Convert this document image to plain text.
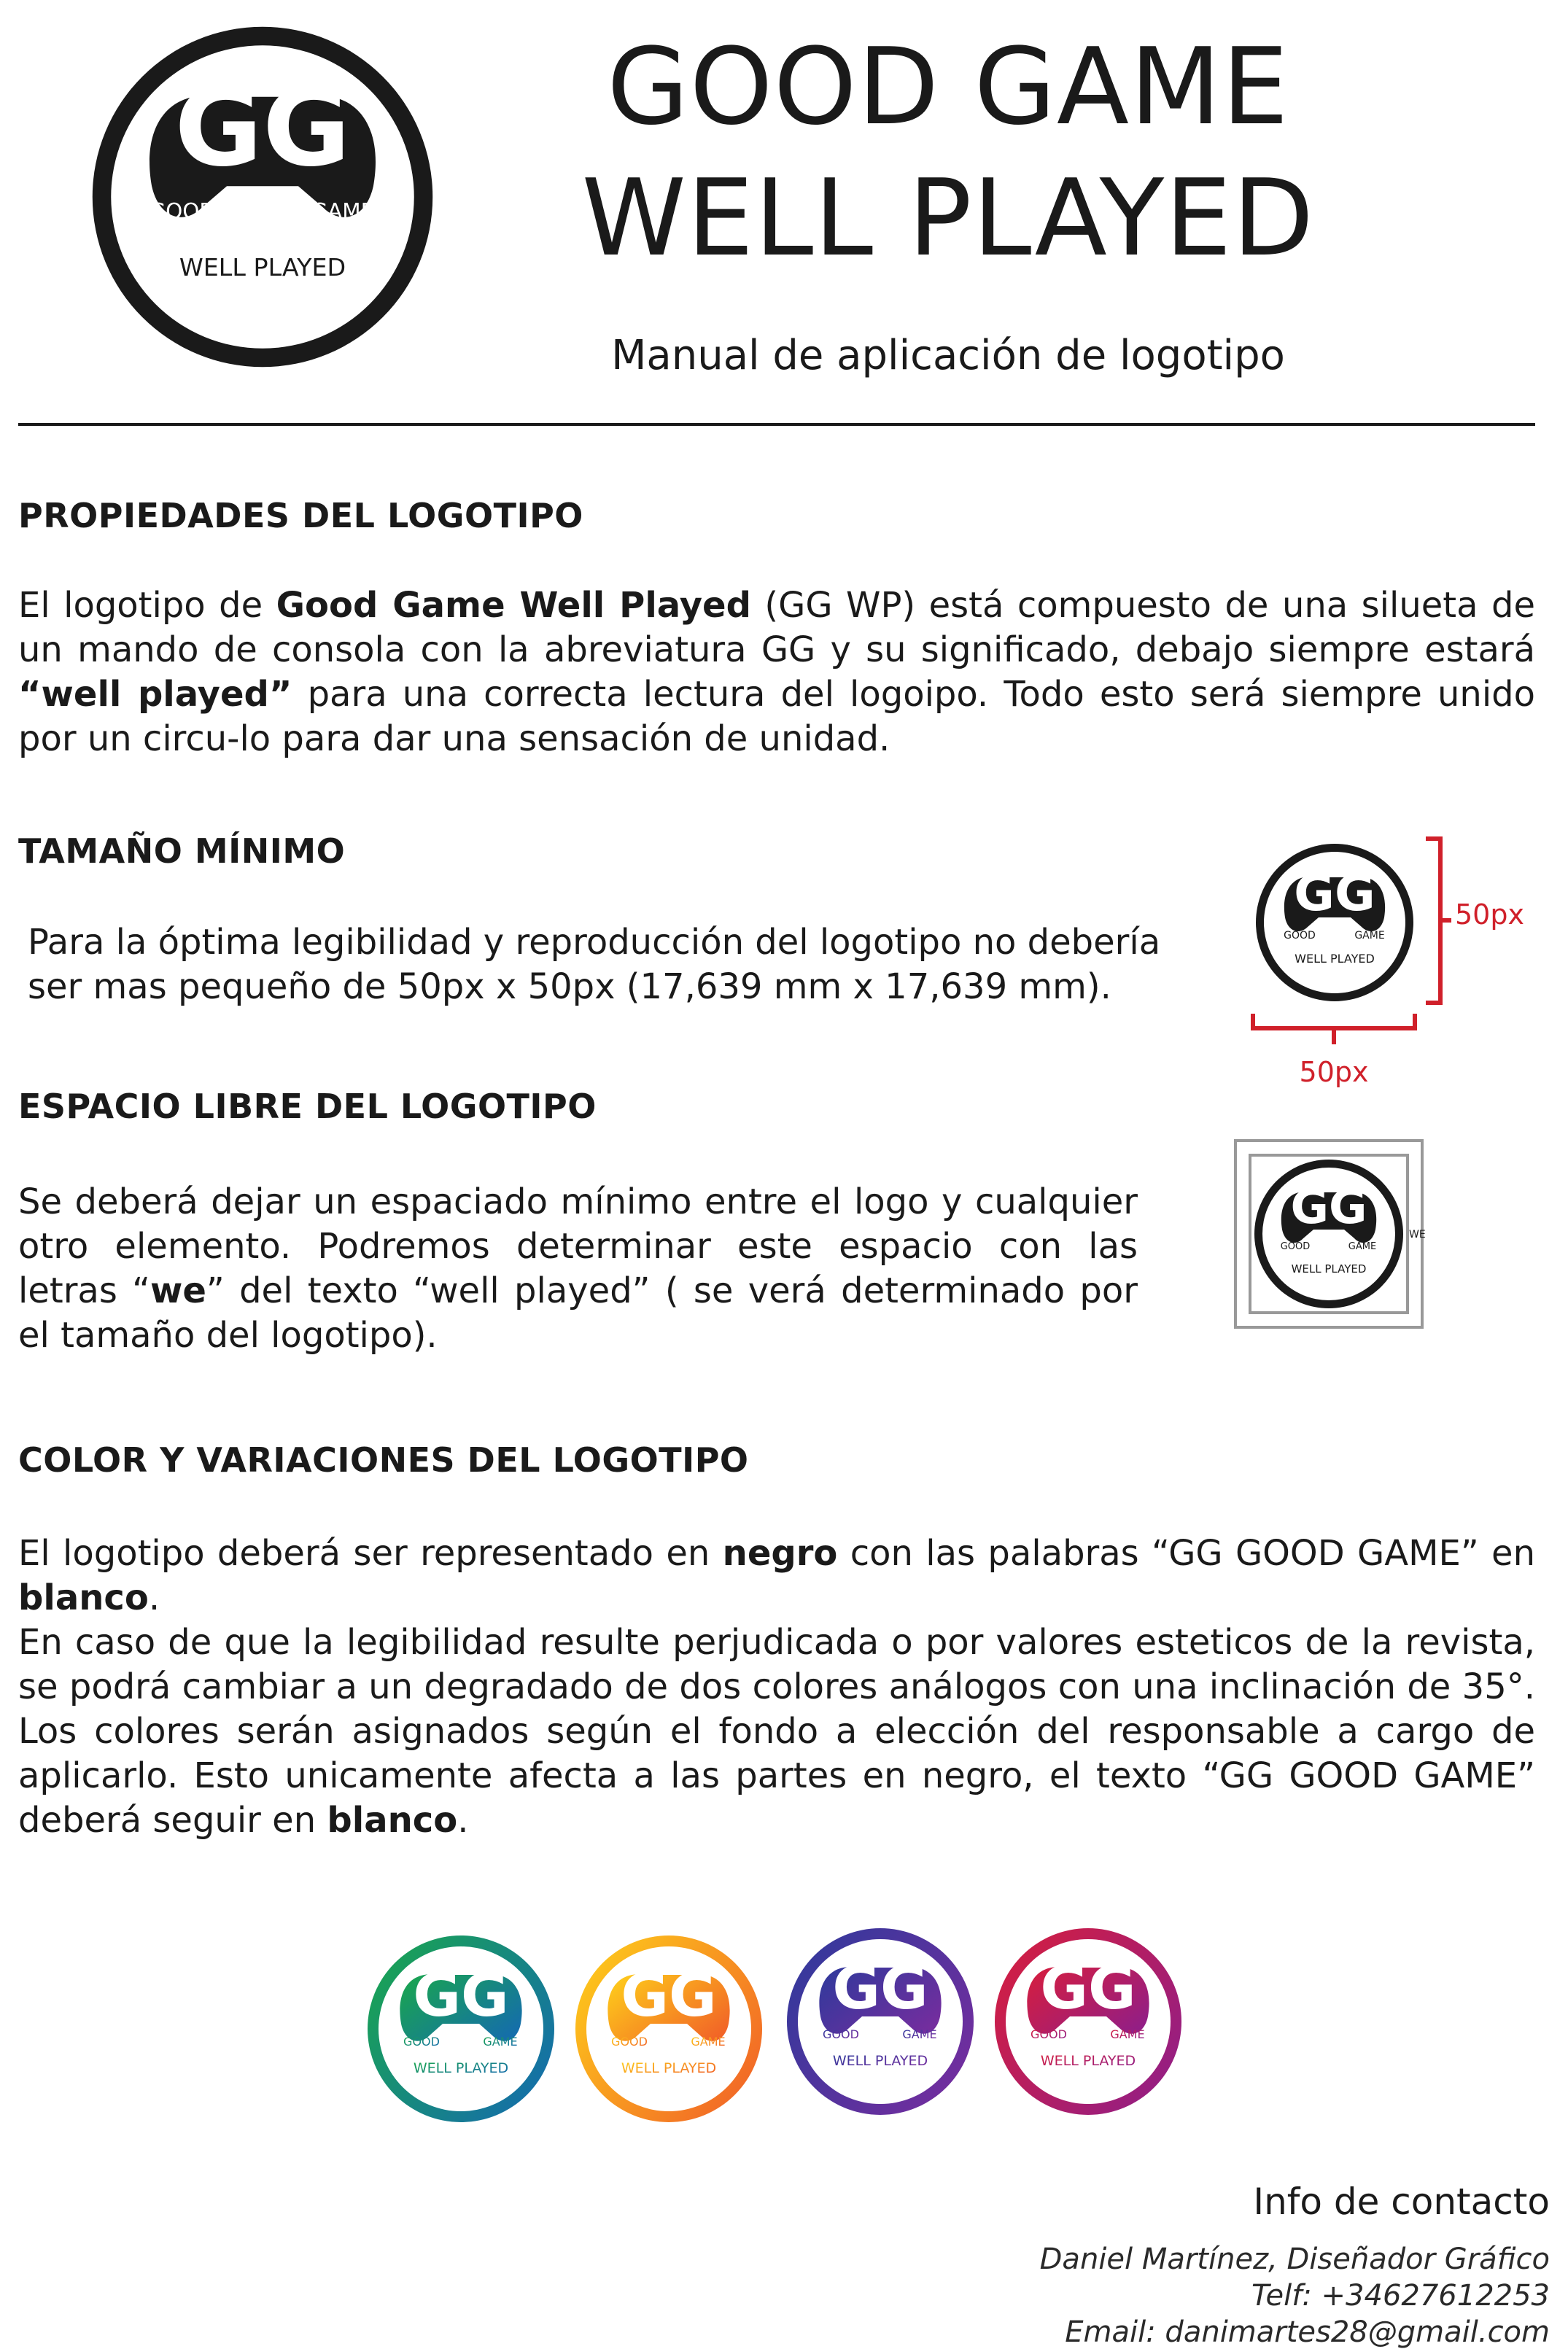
GG
GOOD	GAME
WELL PLAYED
GOOD GAME
WELL PLAYED
Manual de aplicación de logotipo
PROPIEDADES DEL LOGOTIPO
El logotipo de Good Game Well Played (GG WP) está compuesto de una silueta de un mando de consola con la abreviatura GG y su significado, debajo siempre estará “well played” para una correcta lectura del logoipo. Todo esto será siempre unido por un circu-lo para dar una sensación de unidad.
TAMAÑO MÍNIMO
Para la óptima legibilidad y reproducción del logotipo no debería ser mas pequeño de 50px x 50px (17,639 mm x 17,639 mm).
GG
GOOD	GAME
WELL PLAYED
50px
50px
ESPACIO LIBRE DEL LOGOTIPO
Se deberá dejar un espaciado mínimo entre el logo y cualquier otro elemento. Podremos determinar este espacio con las letras “we” del texto “well played” ( se verá determinado por el tamaño del logotipo).
GG
GOOD	GAME
WELL PLAYED
WE
COLOR Y VARIACIONES DEL LOGOTIPO
El logotipo deberá ser representado en negro con las palabras “GG GOOD GAME” en blanco.
En caso de que la legibilidad resulte perjudicada o por valores esteticos de la revista, se podrá cambiar a un degradado de dos colores análogos con una inclinación de 35°. Los colores serán asignados según el fondo a elección del responsable a cargo de aplicarlo. Esto unicamente afecta a las partes en negro, el texto “GG GOOD GAME” deberá seguir en blanco.
GG
GOOD	GAME
WELL PLAYED
GG
GOOD	GAME
WELL PLAYED
GG
GOOD	GAME
WELL PLAYED
GG
GOOD	GAME
WELL PLAYED
Info de contacto
Daniel Martínez, Diseñador Gráfico
Telf: +34627612253
Email: danimartes28@gmail.com
